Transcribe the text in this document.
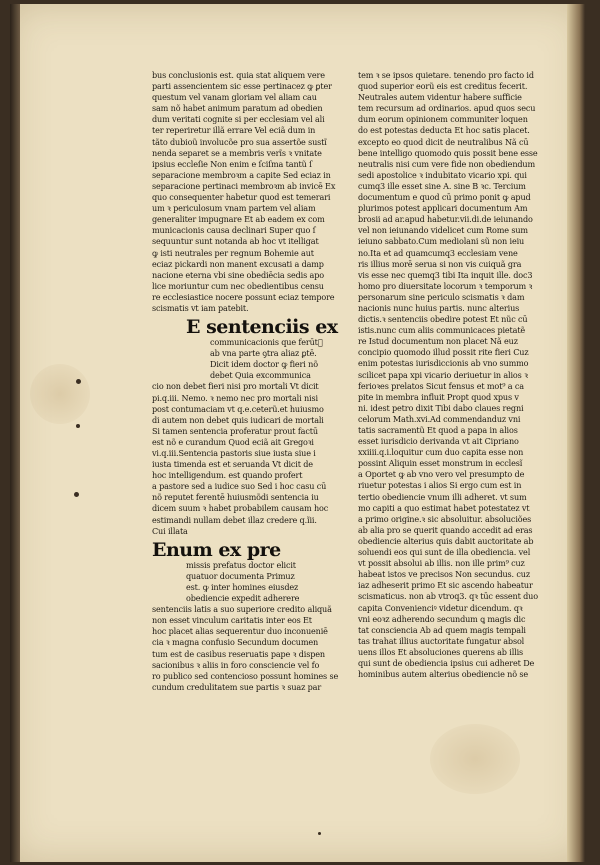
bus conclusionis est. quia stat aliquem vere
parti assencientem sic esse pertinacez ꝙ ꝑter
questum vel vanam gloriam vel aliam cau
sam nõ habet animum paratum ad obedien
dum veritati cognite si per ecclesiam vel ali
ter reperiretur illã errare Vel eciã dum in
tãto dubioũ involucõe pro sua assertõe sustĩ
nenda separet se a membris verĩs ꝛ vnitate
ipsius eccleſie Non enim e ſciſma tantũ ſ
separacione membroꝛm a capite Sed eciaz in
separacione pertinaci membroꝛm ab invicē Ex
quo consequenter habetur quod est temerari
um ꝛ periculosum vnam partem vel aliam
generaliter impugnare Et ab eadem ex com
municacionis causa declinari Super quo ſ
sequuntur sunt notanda ab hoc vt itelligat
ꝙ isti neutrales per regnum Bohemie aut
eciaz pickardi non manent excusati a damp
nacione eterna vbi sine obediēcia sedis apo
lice moriuntur cum nec obedientibus censu
re ecclesiastice nocere possunt eciaz tempore
scismatis vt iam patebit.
E sentenciis ex
communicacionis que ferūtᷓ
ab vna parte ꝯtra aliaz ꝑtē.
Dicit idem doctor ꝙ fieri nõ
debet Quia excommunica
cio non debet fieri nisi pro mortali Vt dicit
pi.q.iii. Nemo. ꝛ nemo nec pro mortali nisi
post contumaciam vt q.e.ceterũ.et huiusmo
di autem non debet quis iudicari de mortali
Si tamen sentencia proferatur prout factū
est nõ e curandum Quod eciã ait Gregoꝛi
vi.q.iii.Sentencia pastoris siue iusta siue i
iusta timenda est et seruanda Vt dicit de
hoc intelligendum. est quando profert
a pastore sed a iudice suo Sed i hoc casu cū
nõ reputet ferentē huiusmõdi sentencia iu
dicem suum ꝛ habet probabilem causam hoc
estimandi nullam debet illaz credere q.ĩii.
Cui illata
Enum ex pre
missis prefatus doctor elicit
quatuor documenta Primuz
est. ꝙ inter homines eiusdez
obediencie expedit adherere
sentenciis latis a suo superiore credito aliquã
non esset vinculum caritatis inter eos Et
hoc placet alias sequerentur duo inconueniē
cia ꝛ magna confusio Secundum documen
tum est de casibus reseruatis pape ꝛ dispen
sacionibus ꝛ aliis in foro consciencie vel fo
ro publico sed contencioso possunt homines se
cundum credulitatem sue partis ꝛ suaz par
tem ꝛ se ipsos quietare. tenendo pro facto id
quod superior eorũ eis est creditus fecerit.
Neutrales autem videntur habere sufficie
tem recursum ad ordinarios. apud quos secu
dum eorum opinionem communiter loquen
do est potestas deducta Et hoc satis placet.
excepto eo quod dicit de neutralibus Nã cū
bene intelligo quomodo quis possit bene esse
neutralis nisi cum vere fide non obediendum
sedi apostolice ꝛ indubitato vicario xpi. qui
cumq3 ille esset sine A. sine B ꝛc. Tercium
documentum e quod cū primo ponit ꝙ apud
plurimos potest applicari documentum Am
brosii ad ar.apud habetur.vii.di.de ieiunando
vel non ieiunando videlicet cum Rome sum
ieiuno sabbato.Cum mediolani sũ non ieiu
no.Ita et ad quamcumq3 ecclesiam vene
ris illius morē serua si non vis cuiquã gra
vis esse nec quemq3 tibi Ita inquit ille. doc3
homo pro diuersitate locorum ꝛ temporum ꝛ
personarum sine periculo scismatis ꝛ dam
nacionis nunc huius partis. nunc alterius
dictis.ꝛ sentenciis obedire potest Et nũc cū
istis.nunc cum aliis communicaces pietatẽ
re Istud documentum non placet Nã euz
concipio quomodo illud possit rite fieri Cuz
enim potestas iurisdiccionis ab vno summo
scilicet papa xpi vicario deriuetur in alios ꝛ
ferioꝛes prelatos Sicut fensus et mot⁹ a ca
pite in membra influit Propt quod xpus v
ni. idest petro dixit Tibi dabo claues regni
celorum Math.xvi.Ad commendanduz vni
tatis sacramentũ Et quod a papa in alios
esset iurisdicio derivanda vt ait Cipriano
xxiiii.q.i.loquitur cum duo capita esse non
possint Aliquin esset monstrum in ecclesĩ
a Oportet ꝙ ab vno vero vel presumpto de
riuetur potestas i alios Si ergo cum est in
tertio obediencie vnum illi adheret. vt sum
mo capiti a quo estimat habet potestatez vt
a primo origine.ꝛ sic absoluitur. absoluciões
ab alia pro se querit quando accedit ad eras
obediencie alterius quis dabit auctoritate ab
soluendi eos qui sunt de illa obediencia. vel
vt possit absolui ab illis. non ille prim⁹ cuz
habeat istos ve precisos Non secundus. cuz
iaz adheserit primo Et sic ascendo habeatur
scismaticus. non ab vtroq3. qꝛ tūc essent duo
capita Convenienciꝰ videtur dicendum. qꝛ
vni eoꝛz adherendo secundum ꝗ magis dic
tat consciencia Ab ad quem magis tempali
tas trahat illius auctoritate fungatur absol
uens illos Et absoluciones querens ab illis
qui sunt de obediencia ipsius cui adheret De
hominibus autem alterius obediencie nõ se
